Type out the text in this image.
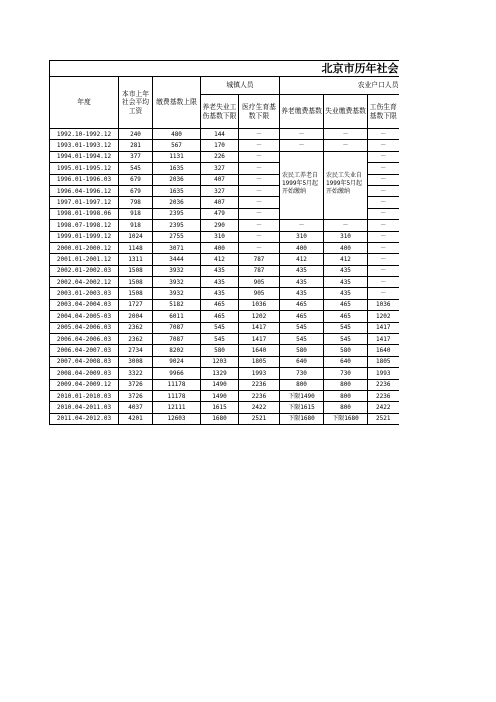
北京市历年社会							
年度	本市上年社会平均工资	缴费基数上限	城镇人员		农业户口人员		
			养老失业工伤基数下限	医疗生育基数下限	养老缴费基数	失业缴费基数	工伤生育基数下限
1992.10-1992.12	240	480	144	－	－	－	－
1993.01-1993.12	281	567	170	－	－	－	－
1994.01-1994.12	377	1131	226	－	农民工养老自1999年5月起开始缴纳	农民工失业自1999年5月起开始缴纳	－
1995.01-1995.12	545	1635	327	－			－
1996.01-1996.03	679	2036	407	－			－
1996.04-1996.12	679	1635	327	－			－
1997.01-1997.12	798	2036	407	－			－
1998.01-1998.06	918	2395	479	－			－
1998.07-1998.12	918	2395	290	－	－	－	－
1999.01-1999.12	1024	2755	310	－	310	310	－
2000.01-2000.12	1148	3071	400	－	400	400	－
2001.01-2001.12	1311	3444	412	787	412	412	－
2002.01-2002.03	1508	3932	435	787	435	435	－
2002.04-2002.12	1508	3932	435	905	435	435	－
2003.01-2003.03	1508	3932	435	905	435	435	－
2003.04-2004.03	1727	5182	465	1036	465	465	1036
2004.04-2005-03	2004	6011	465	1202	465	465	1202
2005.04-2006.03	2362	7087	545	1417	545	545	1417
2006.04-2006.03	2362	7087	545	1417	545	545	1417
2006.04-2007.03	2734	8202	580	1640	580	580	1640
2007.04-2008.03	3008	9024	1203	1805	640	640	1805
2008.04-2009.03	3322	9966	1329	1993	730	730	1993
2009.04-2009.12	3726	11178	1490	2236	800	800	2236
2010.01-2010.03	3726	11178	1490	2236	下限1490	800	2236
2010.04-2011.03	4037	12111	1615	2422	下限1615	800	2422
2011.04-2012.03	4201	12603	1680	2521	下限1680	下限1680	2521
